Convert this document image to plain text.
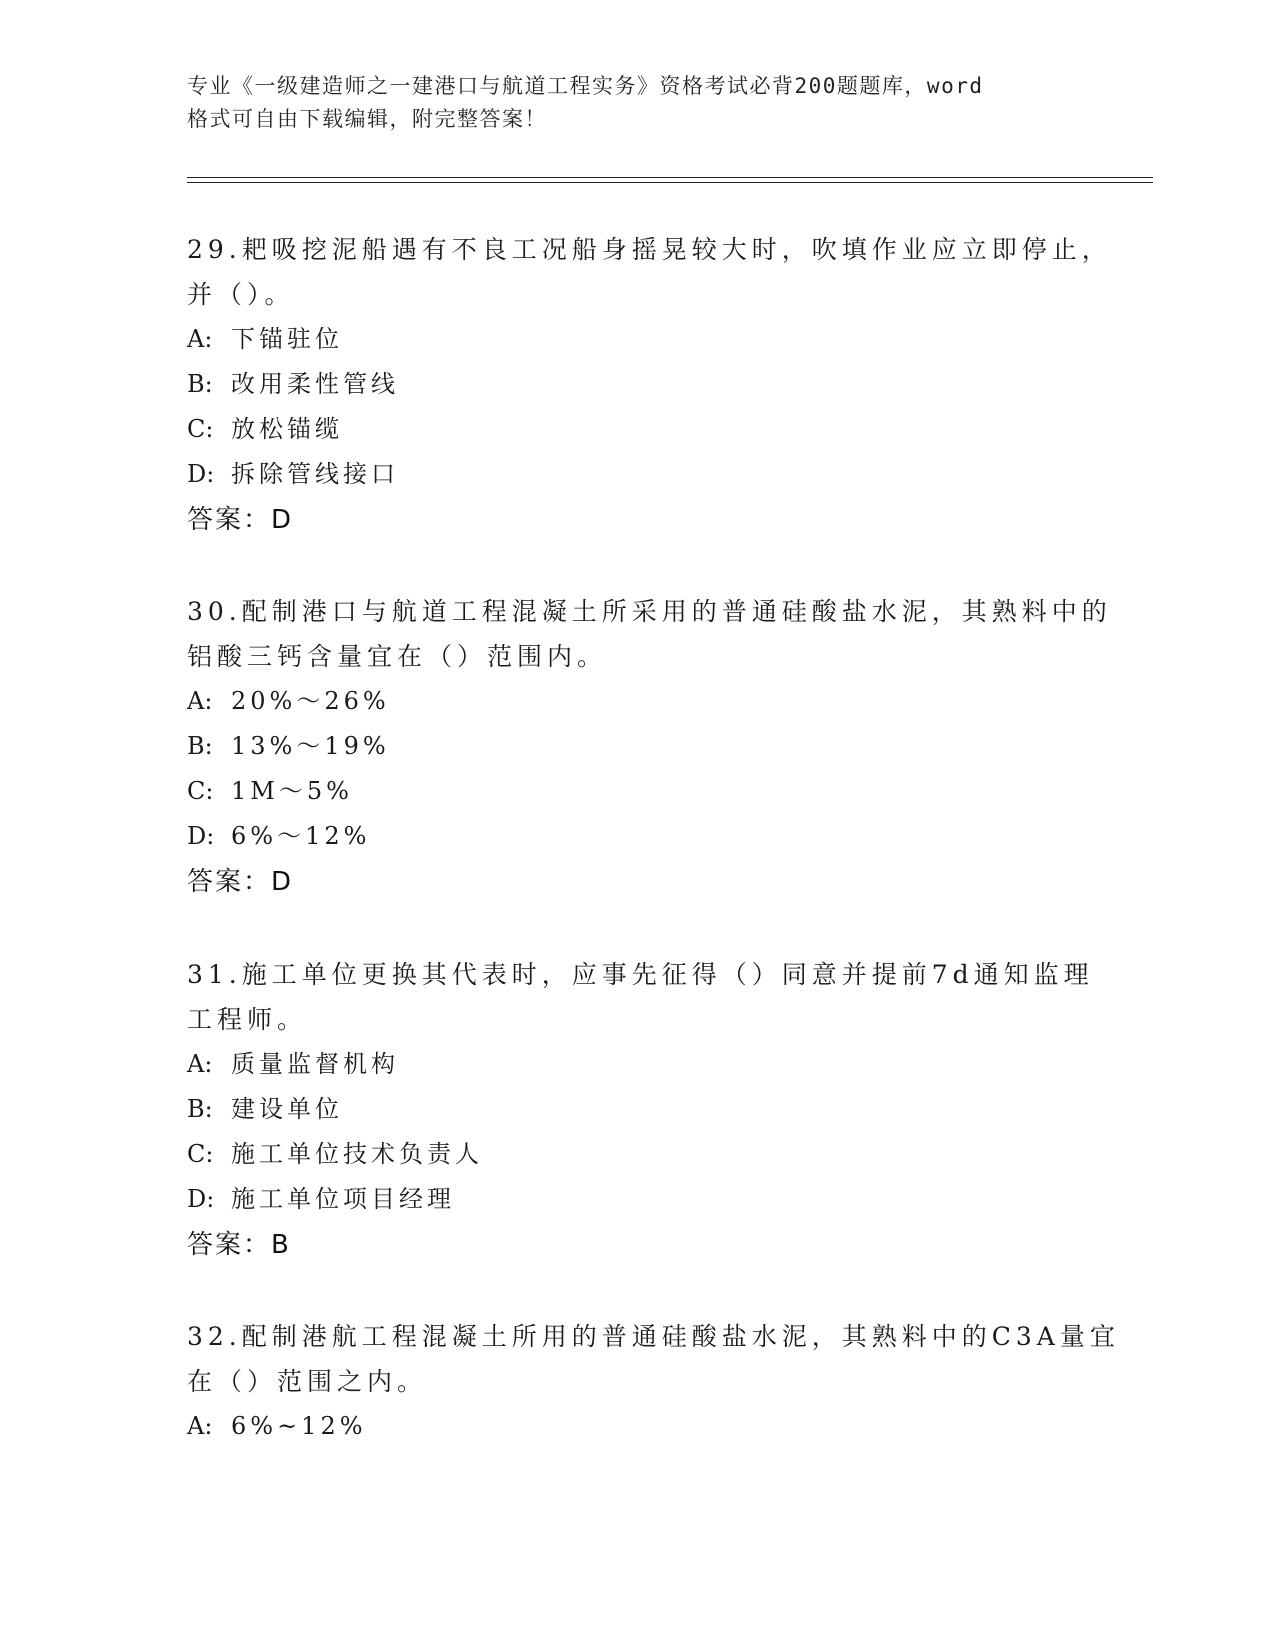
专业《一级建造师之一建港口与航道工程实务》资格考试必背200题题库，word
格式可自由下载编辑，附完整答案！
29.耙吸挖泥船遇有不良工况船身摇晃较大时，吹填作业应立即停止，
并（）。
A: 下锚驻位
B: 改用柔性管线
C: 放松锚缆
D: 拆除管线接口
答案：D
30.配制港口与航道工程混凝土所采用的普通硅酸盐水泥，其熟料中的
铝酸三钙含量宜在（）范围内。
A: 20%～26%
B: 13%～19%
C: 1M～5%
D: 6%～12%
答案：D
31.施工单位更换其代表时，应事先征得（）同意并提前7d通知监理
工程师。
A: 质量监督机构
B: 建设单位
C: 施工单位技术负责人
D: 施工单位项目经理
答案：B
32.配制港航工程混凝土所用的普通硅酸盐水泥，其熟料中的C3A量宜
在（）范围之内。
A: 6%~12%
